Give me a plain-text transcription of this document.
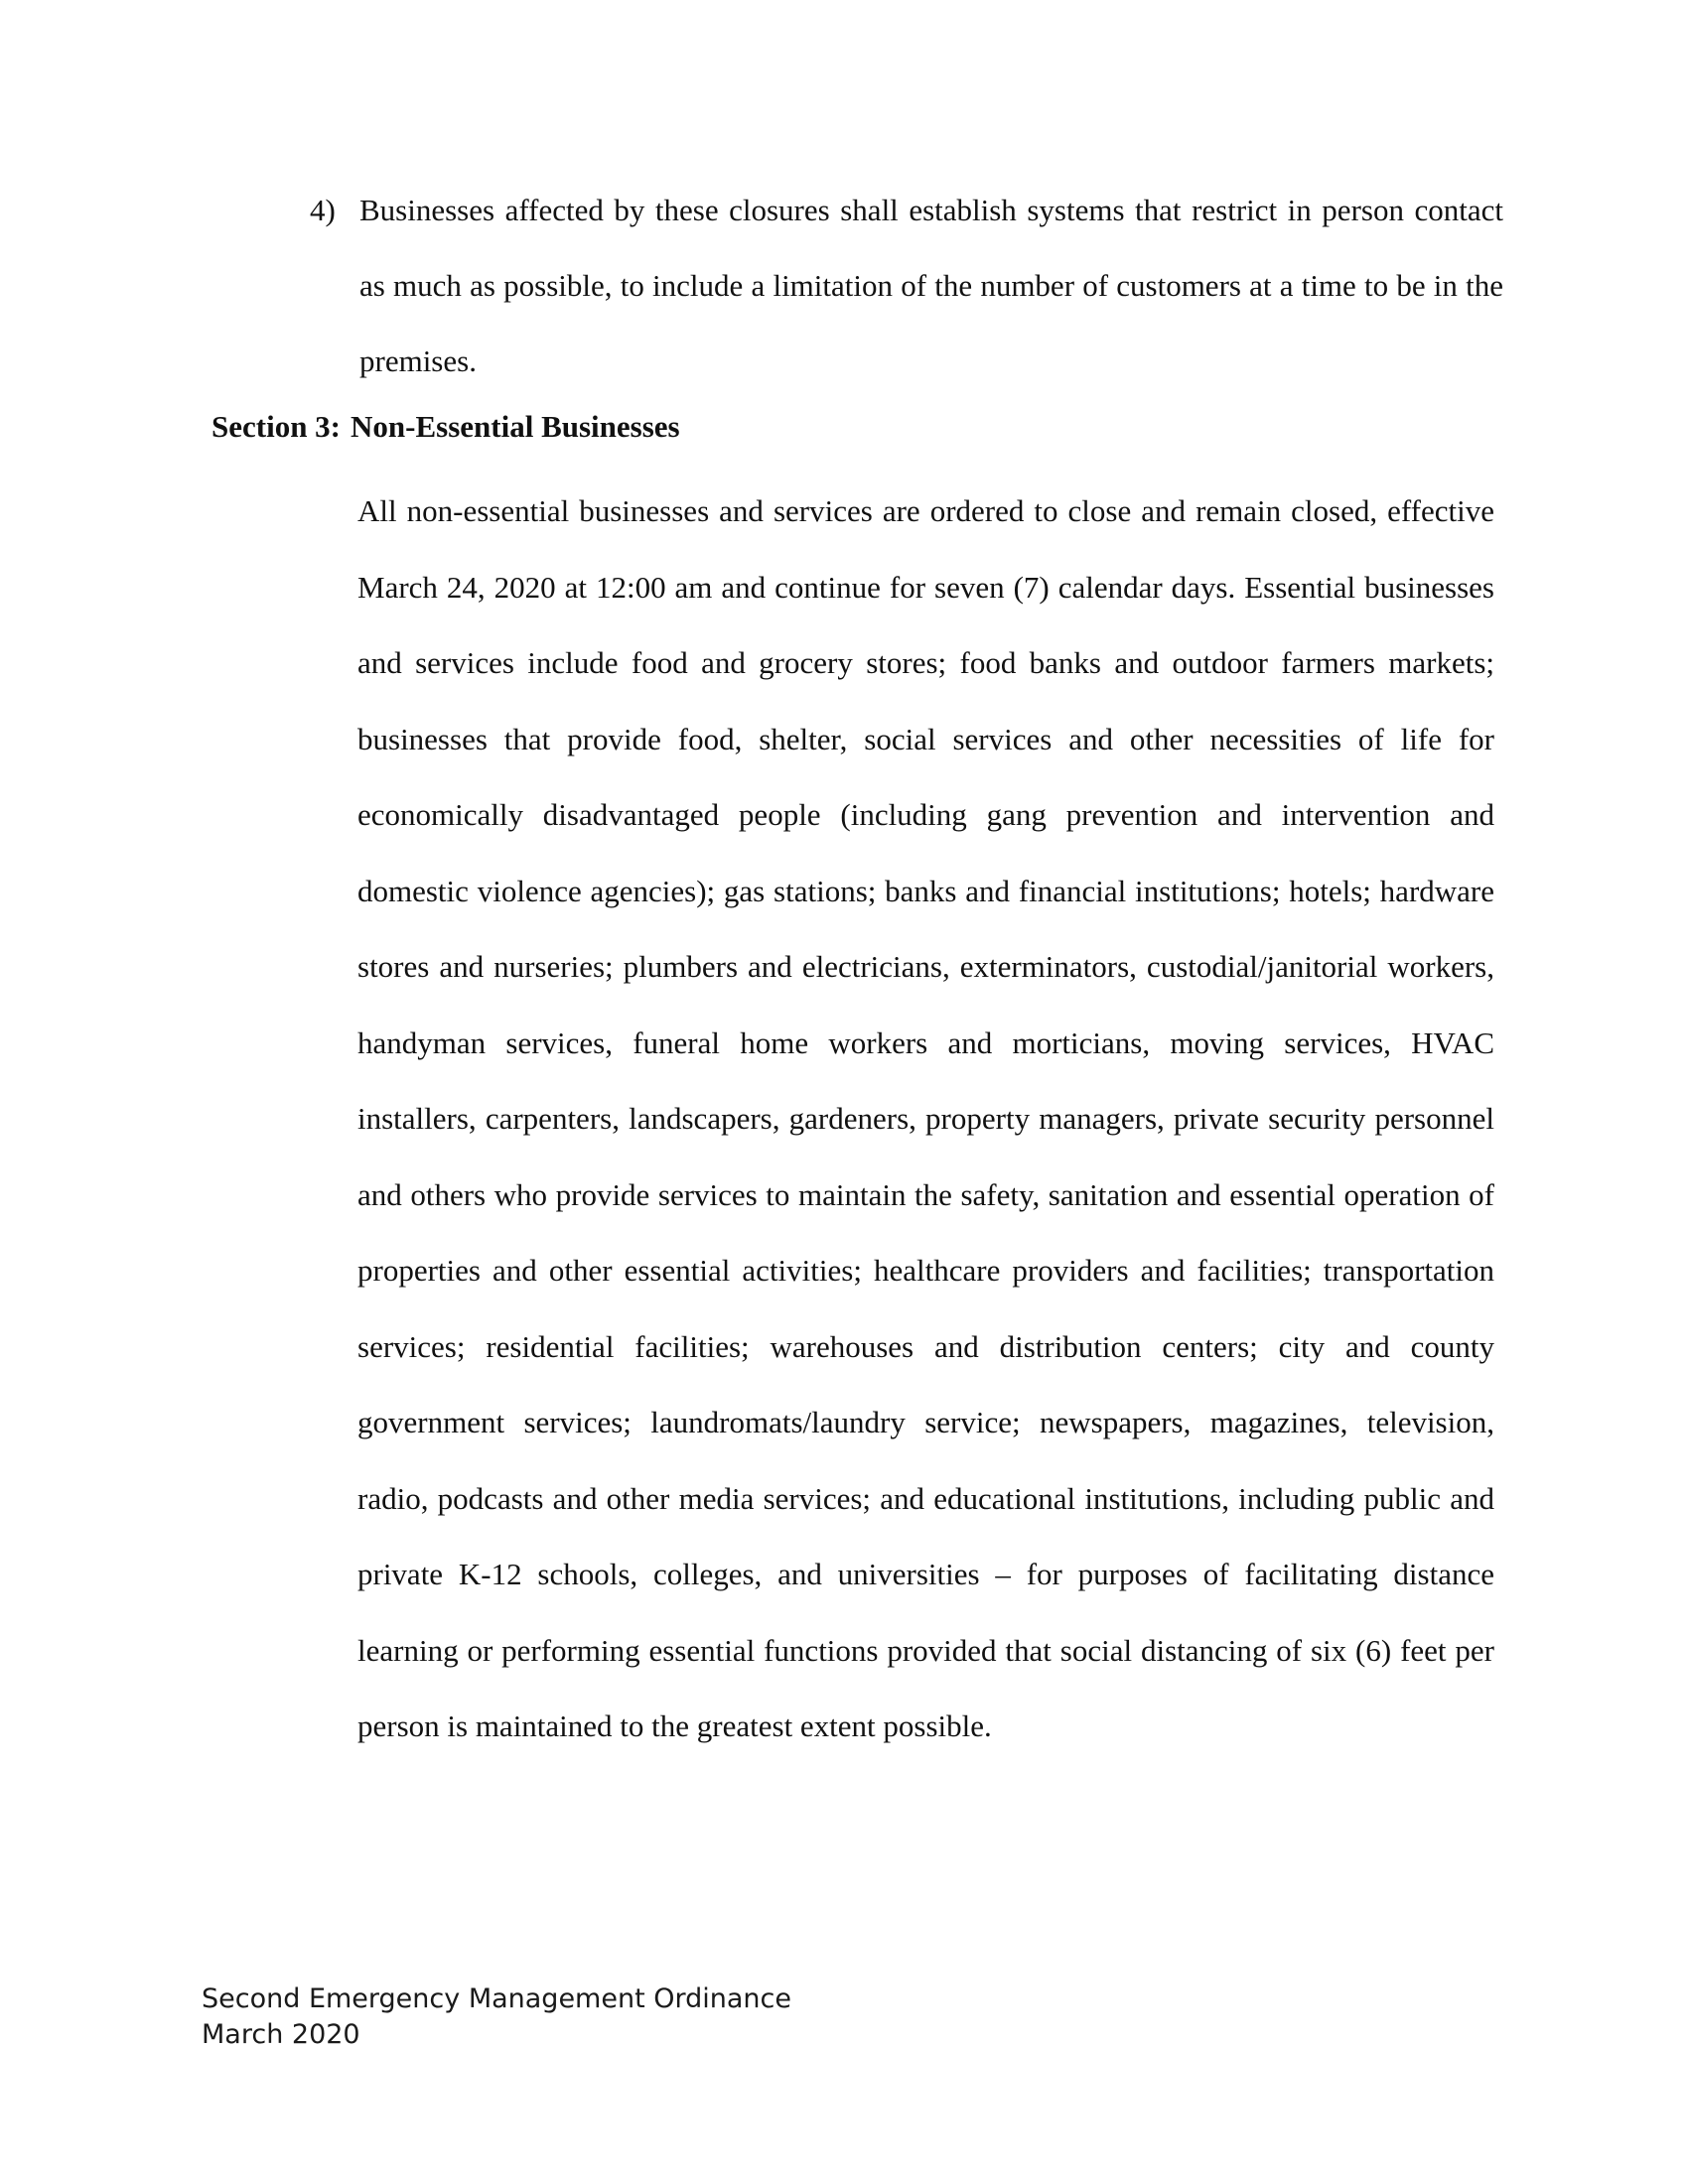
4) Businesses affected by these closures shall establish systems that restrict in person contact as much as possible, to include a limitation of the number of customers at a time to be in the premises.
Section 3: Non-Essential Businesses
All non-essential businesses and services are ordered to close and remain closed, effective March 24, 2020 at 12:00 am and continue for seven (7) calendar days. Essential businesses and services include food and grocery stores; food banks and outdoor farmers markets; businesses that provide food, shelter, social services and other necessities of life for economically disadvantaged people (including gang prevention and intervention and domestic violence agencies); gas stations; banks and financial institutions; hotels; hardware stores and nurseries; plumbers and electricians, exterminators, custodial/janitorial workers, handyman services, funeral home workers and morticians, moving services, HVAC installers, carpenters, landscapers, gardeners, property managers, private security personnel and others who provide services to maintain the safety, sanitation and essential operation of properties and other essential activities; healthcare providers and facilities; transportation services; residential facilities; warehouses and distribution centers; city and county government services; laundromats/laundry service; newspapers, magazines, television, radio, podcasts and other media services; and educational institutions, including public and private K-12 schools, colleges, and universities – for purposes of facilitating distance learning or performing essential functions provided that social distancing of six (6) feet per person is maintained to the greatest extent possible.
Second Emergency Management Ordinance
March 2020
